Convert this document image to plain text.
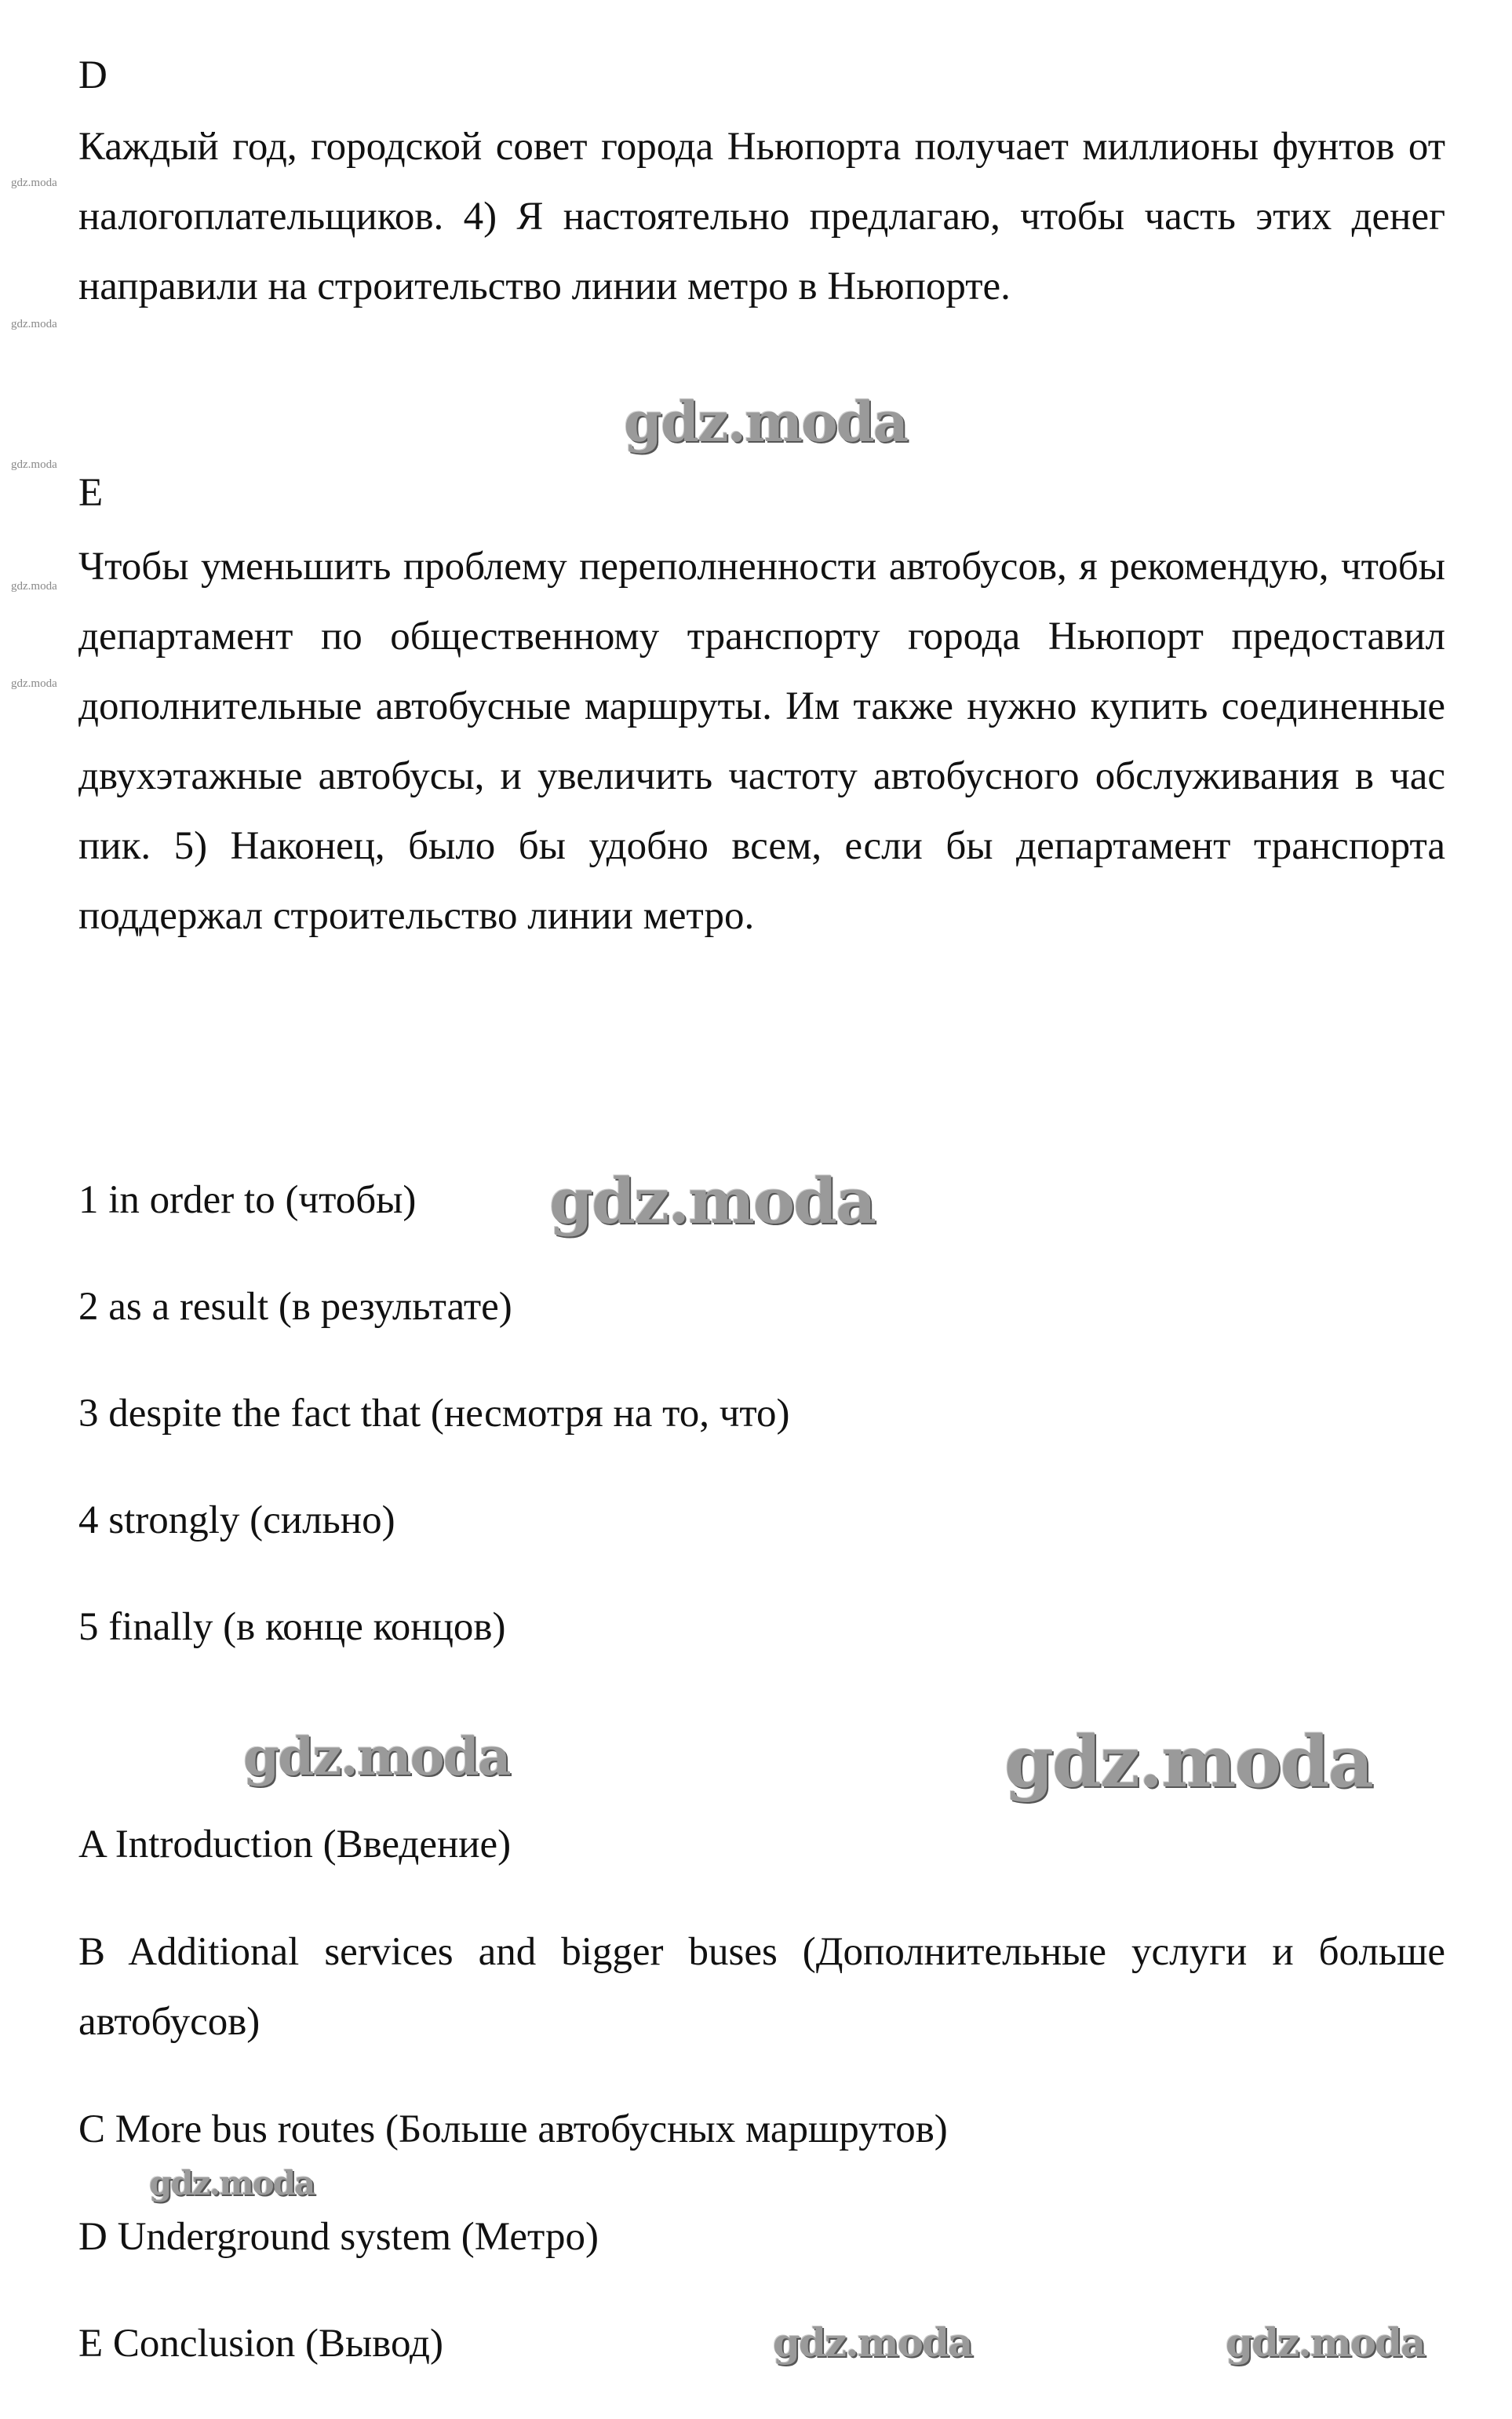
D
Каждый год, городской совет города Ньюпорта получает миллионы фунтов от налогоплательщиков. 4) Я настоятельно предлагаю, чтобы часть этих денег направили на строительство линии метро в Ньюпорте.
E
Чтобы уменьшить проблему переполненности автобусов, я рекомендую, чтобы департамент по общественному транспорту города Ньюпорт предоставил дополнительные автобусные маршруты. Им также нужно купить соединенные двухэтажные автобусы, и увеличить частоту автобусного обслуживания в час пик. 5) Наконец, было бы удобно всем, если бы департамент транспорта поддержал строительство линии метро.
1 in order to (чтобы)
2 as a result (в результате)
3 despite the fact that (несмотря на то, что)
4 strongly (сильно)
5 finally (в конце концов)
A Introduction (Введение)
B Additional services and bigger buses (Дополнительные услуги и больше автобусов)
C More bus routes (Больше автобусных маршрутов)
D Underground system (Метро)
E Conclusion (Вывод)
gdz.moda
gdz.moda
gdz.moda	gdz.moda
gdz.moda
gdz.moda	gdz.moda
gdz.moda
gdz.moda
gdz.moda
gdz.moda
gdz.moda
